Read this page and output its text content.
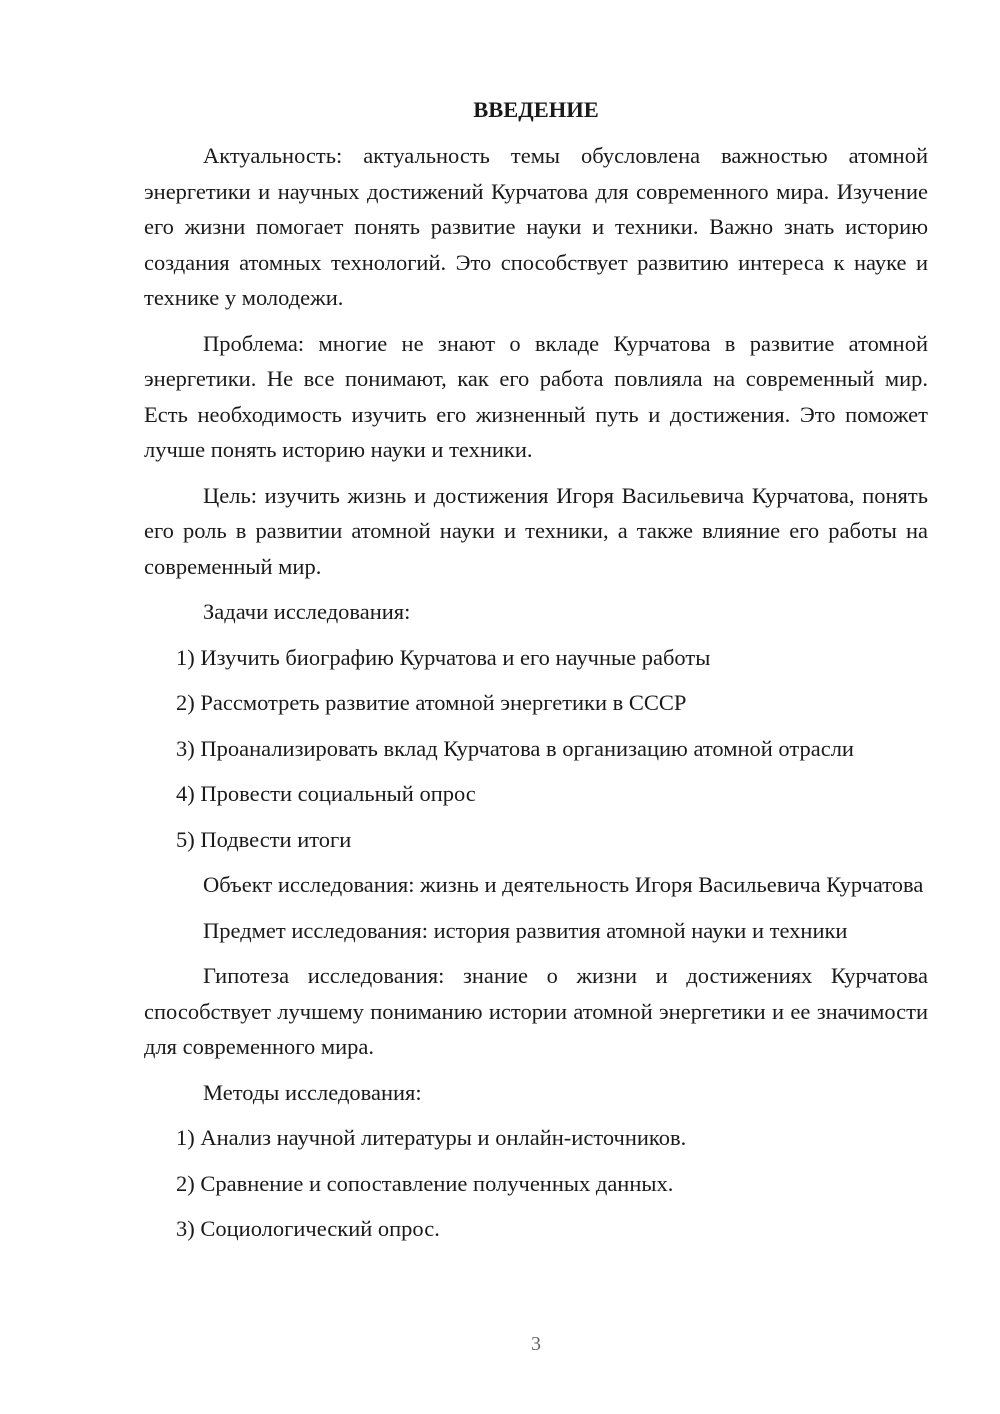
ВВЕДЕНИЕ
Актуальность: актуальность темы обусловлена важностью атомной энергетики и научных достижений Курчатова для современного мира. Изучение его жизни помогает понять развитие науки и техники. Важно знать историю создания атомных технологий. Это способствует развитию интереса к науке и технике у молодежи.
Проблема: многие не знают о вкладе Курчатова в развитие атомной энергетики. Не все понимают, как его работа повлияла на современный мир. Есть необходимость изучить его жизненный путь и достижения. Это поможет лучше понять историю науки и техники.
Цель: изучить жизнь и достижения Игоря Васильевича Курчатова, понять его роль в развитии атомной науки и техники, а также влияние его работы на современный мир.
Задачи исследования:
1) Изучить биографию Курчатова и его научные работы
2) Рассмотреть развитие атомной энергетики в СССР
3) Проанализировать вклад Курчатова в организацию атомной отрасли
4) Провести социальный опрос
5) Подвести итоги
Объект исследования: жизнь и деятельность Игоря Васильевича Курчатова
Предмет исследования: история развития атомной науки и техники
Гипотеза исследования: знание о жизни и достижениях Курчатова способствует лучшему пониманию истории атомной энергетики и ее значимости для современного мира.
Методы исследования:
1) Анализ научной литературы и онлайн-источников.
2) Сравнение и сопоставление полученных данных.
3) Социологический опрос.
3
